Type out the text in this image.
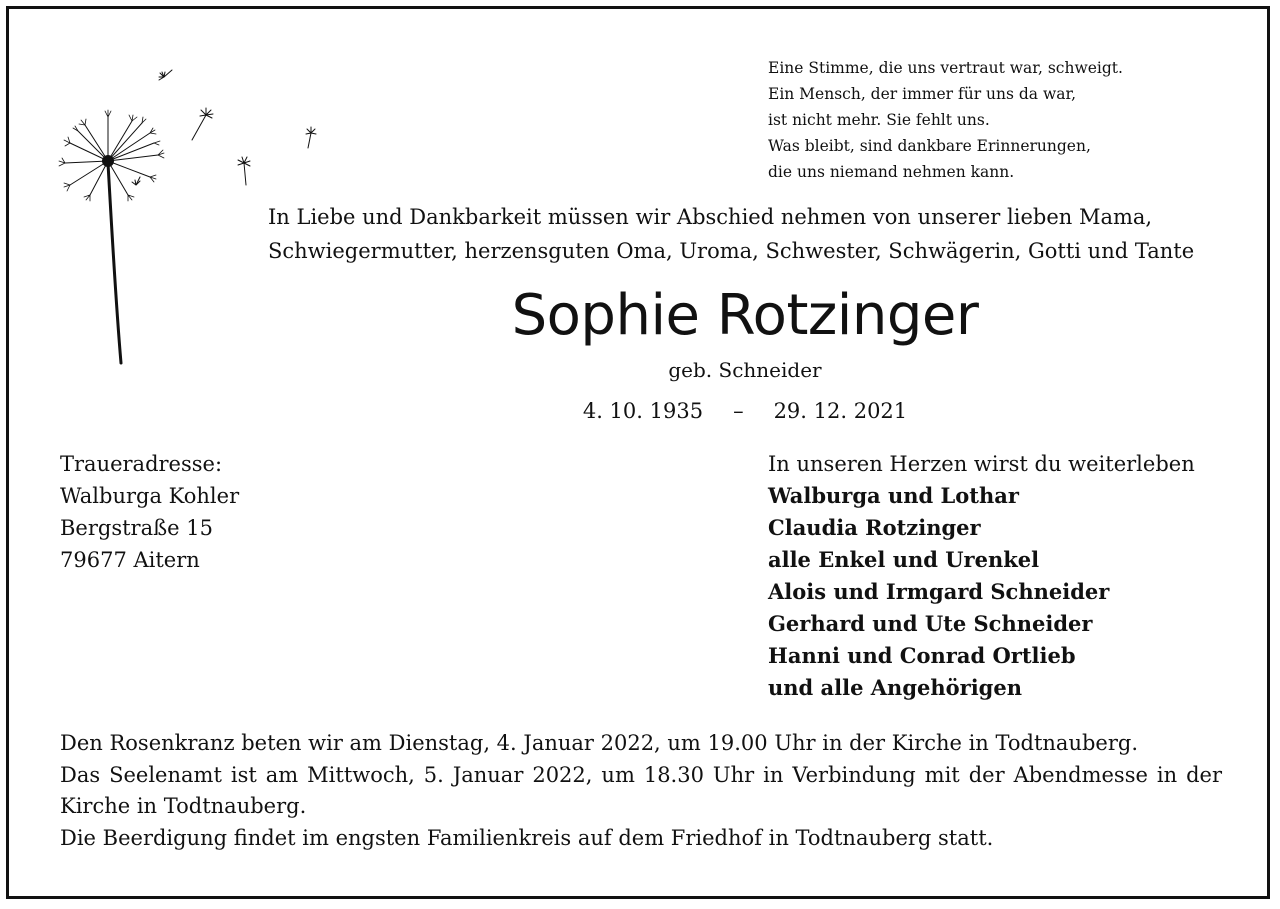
Eine Stimme, die uns vertraut war, schweigt.
Ein Mensch, der immer für uns da war,
ist nicht mehr. Sie fehlt uns.
Was bleibt, sind dankbare Erinnerungen,
die uns niemand nehmen kann.
In Liebe und Dankbarkeit müssen wir Abschied nehmen von unserer lieben Mama,
Schwiegermutter, herzensguten Oma, Uroma, Schwester, Schwägerin, Gotti und Tante
Sophie Rotzinger
geb. Schneider
4. 10. 1935 – 29. 12. 2021
Traueradresse:
Walburga Kohler
Bergstraße 15
79677 Aitern
In unseren Herzen wirst du weiterleben
Walburga und Lothar
Claudia Rotzinger
alle Enkel und Urenkel
Alois und Irmgard Schneider
Gerhard und Ute Schneider
Hanni und Conrad Ortlieb
und alle Angehörigen
Den Rosenkranz beten wir am Dienstag, 4. Januar 2022, um 19.00 Uhr in der Kirche in Todtnauberg.
Das Seelenamt ist am Mittwoch, 5. Januar 2022, um 18.30 Uhr in Verbindung mit der Abendmesse in der Kirche in Todtnauberg.
Die Beerdigung findet im engsten Familienkreis auf dem Friedhof in Todtnauberg statt.
